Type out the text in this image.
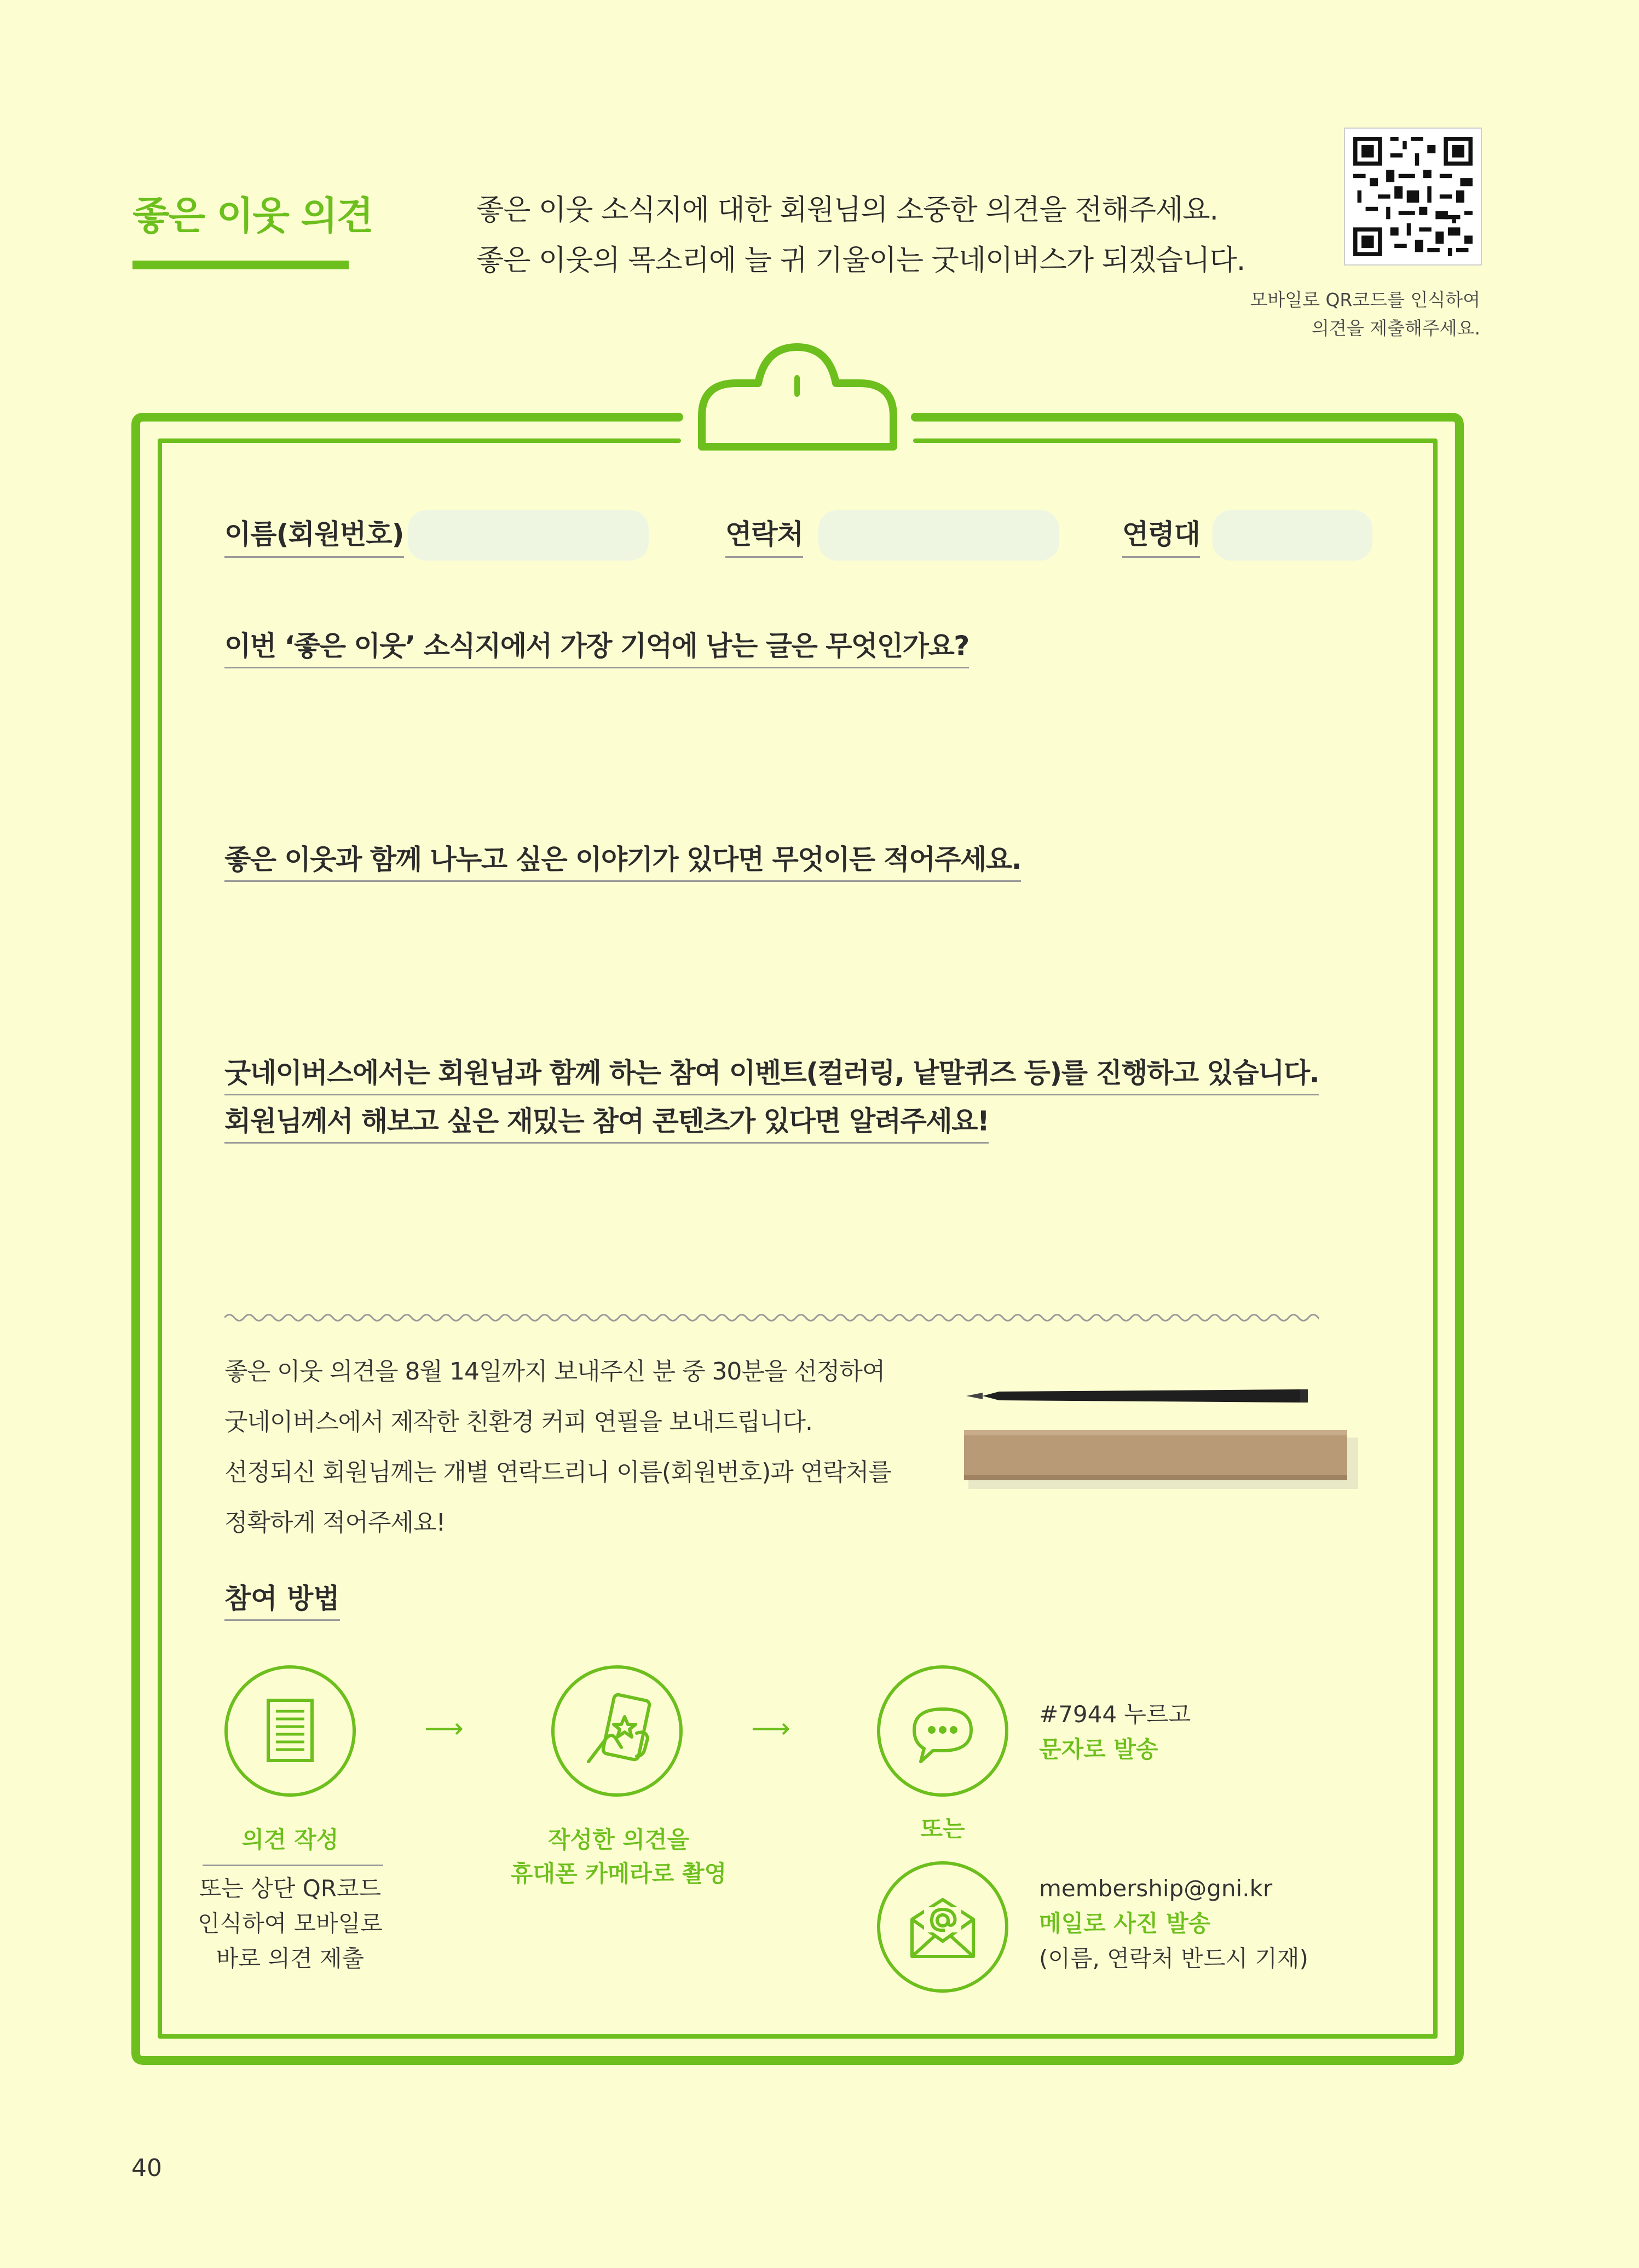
좋은 이웃 의견	좋은 이웃 소식지에 대한 회원님의 소중한 의견을 전해주세요.
좋은 이웃의 목소리에 늘 귀 기울이는 굿네이버스가 되겠습니다.
모바일로 QR코드를 인식하여
의견을 제출해주세요.
이름(회원번호)	연락처	연령대
이번 ‘좋은 이웃’ 소식지에서 가장 기억에 남는 글은 무엇인가요?
좋은 이웃과 함께 나누고 싶은 이야기가 있다면 무엇이든 적어주세요.
굿네이버스에서는 회원님과 함께 하는 참여 이벤트(컬러링, 낱말퀴즈 등)를 진행하고 있습니다.
회원님께서 해보고 싶은 재밌는 참여 콘텐츠가 있다면 알려주세요!
좋은 이웃 의견을 8월 14일까지 보내주신 분 중 30분을 선정하여
굿네이버스에서 제작한 친환경 커피 연필을 보내드립니다.
선정되신 회원님께는 개별 연락드리니 이름(회원번호)과 연락처를
정확하게 적어주세요!
참여 방법
⟶
의견 작성
또는 상단 QR코드
인식하여 모바일로
바로 의견 제출
⟶
작성한 의견을
휴대폰 카메라로 촬영
#7944 누르고
문자로 발송
또는
membership@gni.kr
메일로 사진 발송
(이름, 연락처 반드시 기재)
40
